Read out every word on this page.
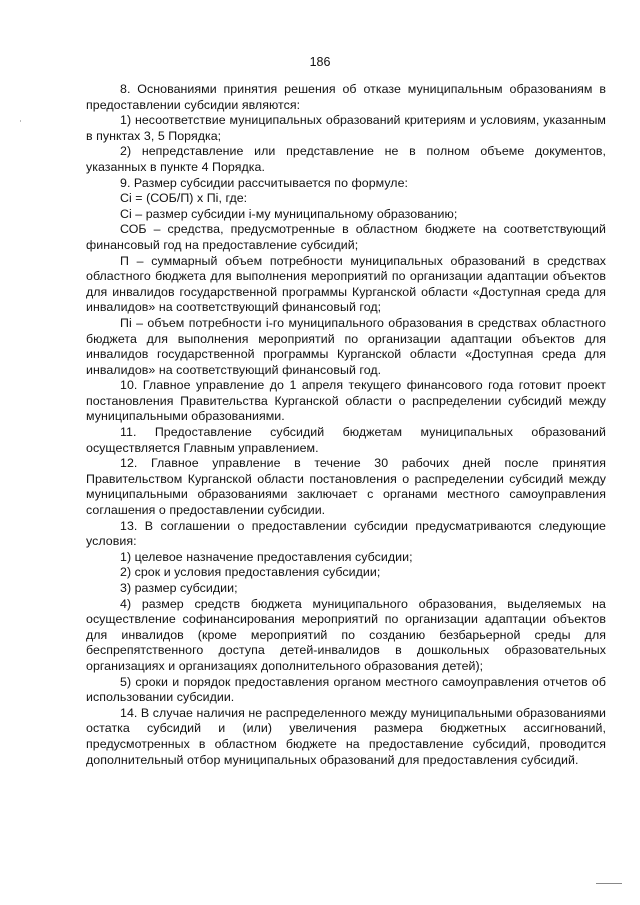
186

8. Основаниями принятия решения об отказе муниципальным образованиям в предоставлении субсидии являются:

1) несоответствие муниципальных образований критериям и условиям, указанным в пунктах 3, 5 Порядка;

2) непредставление или представление не в полном объеме документов, указанных в пункте 4 Порядка.

9. Размер субсидии рассчитывается по формуле:

Ci = (СОБ/П) х Пi, где:

Ci – размер субсидии i-му муниципальному образованию;

СОБ – средства, предусмотренные в областном бюджете на соответствующий финансовый год на предоставление субсидий;

П – суммарный объем потребности муниципальных образований в средствах областного бюджета для выполнения мероприятий по организации адаптации объектов для инвалидов государственной программы Курганской области «Доступная среда для инвалидов» на соответствующий финансовый год;

Пi – объем потребности i-го муниципального образования в средствах областного бюджета для выполнения мероприятий по организации адаптации объектов для инвалидов государственной программы Курганской области «Доступная среда для инвалидов» на соответствующий финансовый год.

10. Главное управление до 1 апреля текущего финансового года готовит проект постановления Правительства Курганской области о распределении субсидий между муниципальными образованиями.

11. Предоставление субсидий бюджетам муниципальных образований осуществляется Главным управлением.

12. Главное управление в течение 30 рабочих дней после принятия Правительством Курганской области постановления о распределении субсидий между муниципальными образованиями заключает с органами местного самоуправления соглашения о предоставлении субсидии.

13. В соглашении о предоставлении субсидии предусматриваются следующие условия:

1) целевое назначение предоставления субсидии;

2) срок и условия предоставления субсидии;

3) размер субсидии;

4) размер средств бюджета муниципального образования, выделяемых на осуществление софинансирования мероприятий по организации адаптации объектов для инвалидов (кроме мероприятий по созданию безбарьерной среды для беспрепятственного доступа детей-инвалидов в дошкольных образовательных организациях и организациях дополнительного образования детей);

5) сроки и порядок предоставления органом местного самоуправления отчетов об использовании субсидии.

14. В случае наличия не распределенного между муниципальными образованиями остатка субсидий и (или) увеличения размера бюджетных ассигнований, предусмотренных в областном бюджете на предоставление субсидий, проводится дополнительный отбор муниципальных образований для предоставления субсидий.
